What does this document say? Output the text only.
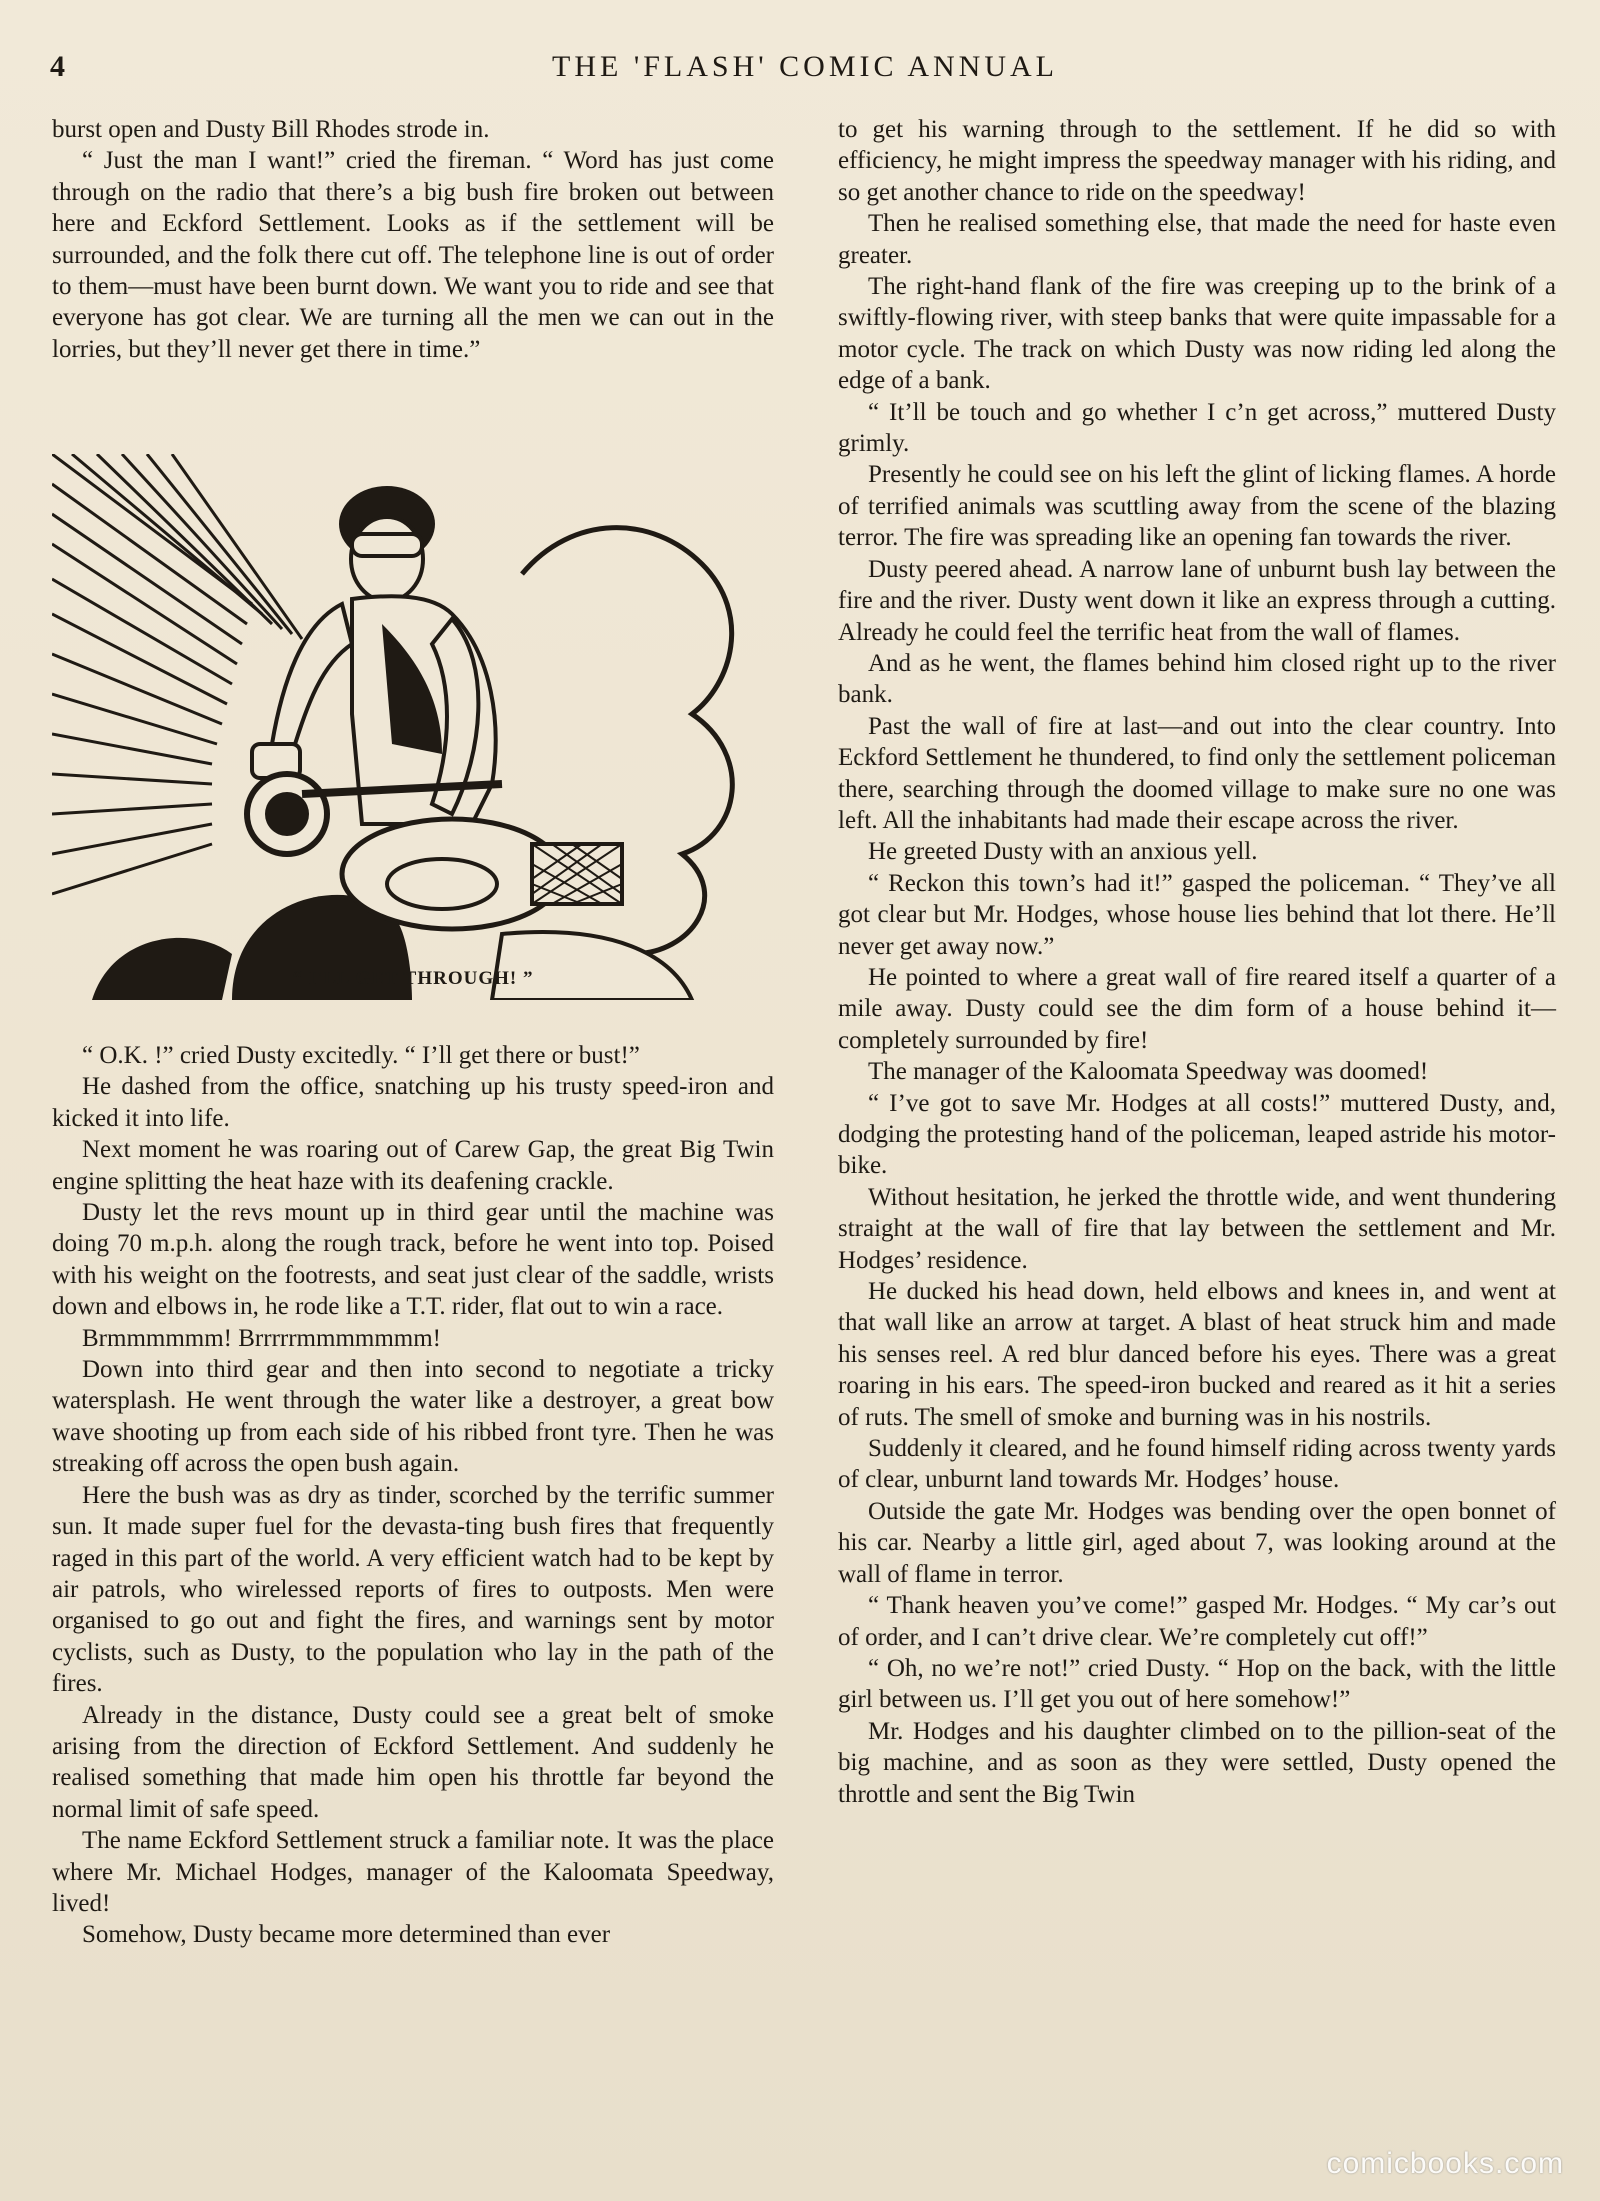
4	THE 'FLASH' COMIC ANNUAL

burst open and Dusty Bill Rhodes strode in.

“ Just the man I want!” cried the fireman. “ Word has just come through on the radio that there’s a big bush fire broken out between here and Eckford Settlement. Looks as if the settlement will be surrounded, and the folk there cut off. The telephone line is out of order to them—must have been burnt down. We want you to ride and see that everyone has got clear. We are turning all the men we can out in the lorries, but they’ll never get there in time.”

“ I'LL GET THROUGH! ”

“ O.K. !” cried Dusty excitedly. “ I’ll get there or bust!”

He dashed from the office, snatching up his trusty speed-iron and kicked it into life.

Next moment he was roaring out of Carew Gap, the great Big Twin engine splitting the heat haze with its deafening crackle.

Dusty let the revs mount up in third gear until the machine was doing 70 m.p.h. along the rough track, before he went into top. Poised with his weight on the footrests, and seat just clear of the saddle, wrists down and elbows in, he rode like a T.T. rider, flat out to win a race.

Brmmmmmm! Brrrrrmmmmmmm!

Down into third gear and then into second to negotiate a tricky watersplash. He went through the water like a destroyer, a great bow wave shooting up from each side of his ribbed front tyre. Then he was streaking off across the open bush again.

Here the bush was as dry as tinder, scorched by the terrific summer sun. It made super fuel for the devasta-ting bush fires that frequently raged in this part of the world. A very efficient watch had to be kept by air patrols, who wirelessed reports of fires to outposts. Men were organised to go out and fight the fires, and warnings sent by motor cyclists, such as Dusty, to the population who lay in the path of the fires.

Already in the distance, Dusty could see a great belt of smoke arising from the direction of Eckford Settlement. And suddenly he realised something that made him open his throttle far beyond the normal limit of safe speed.

The name Eckford Settlement struck a familiar note. It was the place where Mr. Michael Hodges, manager of the Kaloomata Speedway, lived!

Somehow, Dusty became more determined than ever

to get his warning through to the settlement. If he did so with efficiency, he might impress the speedway manager with his riding, and so get another chance to ride on the speedway!

Then he realised something else, that made the need for haste even greater.

The right-hand flank of the fire was creeping up to the brink of a swiftly-flowing river, with steep banks that were quite impassable for a motor cycle. The track on which Dusty was now riding led along the edge of a bank.

“ It’ll be touch and go whether I c’n get across,” muttered Dusty grimly.

Presently he could see on his left the glint of licking flames. A horde of terrified animals was scuttling away from the scene of the blazing terror. The fire was spreading like an opening fan towards the river.

Dusty peered ahead. A narrow lane of unburnt bush lay between the fire and the river. Dusty went down it like an express through a cutting. Already he could feel the terrific heat from the wall of flames.

And as he went, the flames behind him closed right up to the river bank.

Past the wall of fire at last—and out into the clear country. Into Eckford Settlement he thundered, to find only the settlement policeman there, searching through the doomed village to make sure no one was left. All the inhabitants had made their escape across the river.

He greeted Dusty with an anxious yell.

“ Reckon this town’s had it!” gasped the policeman. “ They’ve all got clear but Mr. Hodges, whose house lies behind that lot there. He’ll never get away now.”

He pointed to where a great wall of fire reared itself a quarter of a mile away. Dusty could see the dim form of a house behind it—completely surrounded by fire!

The manager of the Kaloomata Speedway was doomed!

“ I’ve got to save Mr. Hodges at all costs!” muttered Dusty, and, dodging the protesting hand of the policeman, leaped astride his motor-bike.

Without hesitation, he jerked the throttle wide, and went thundering straight at the wall of fire that lay between the settlement and Mr. Hodges’ residence.

He ducked his head down, held elbows and knees in, and went at that wall like an arrow at target. A blast of heat struck him and made his senses reel. A red blur danced before his eyes. There was a great roaring in his ears. The speed-iron bucked and reared as it hit a series of ruts. The smell of smoke and burning was in his nostrils.

Suddenly it cleared, and he found himself riding across twenty yards of clear, unburnt land towards Mr. Hodges’ house.

Outside the gate Mr. Hodges was bending over the open bonnet of his car. Nearby a little girl, aged about 7, was looking around at the wall of flame in terror.

“ Thank heaven you’ve come!” gasped Mr. Hodges. “ My car’s out of order, and I can’t drive clear. We’re completely cut off!”

“ Oh, no we’re not!” cried Dusty. “ Hop on the back, with the little girl between us. I’ll get you out of here somehow!”

Mr. Hodges and his daughter climbed on to the pillion-seat of the big machine, and as soon as they were settled, Dusty opened the throttle and sent the Big Twin

comicbooks.com
